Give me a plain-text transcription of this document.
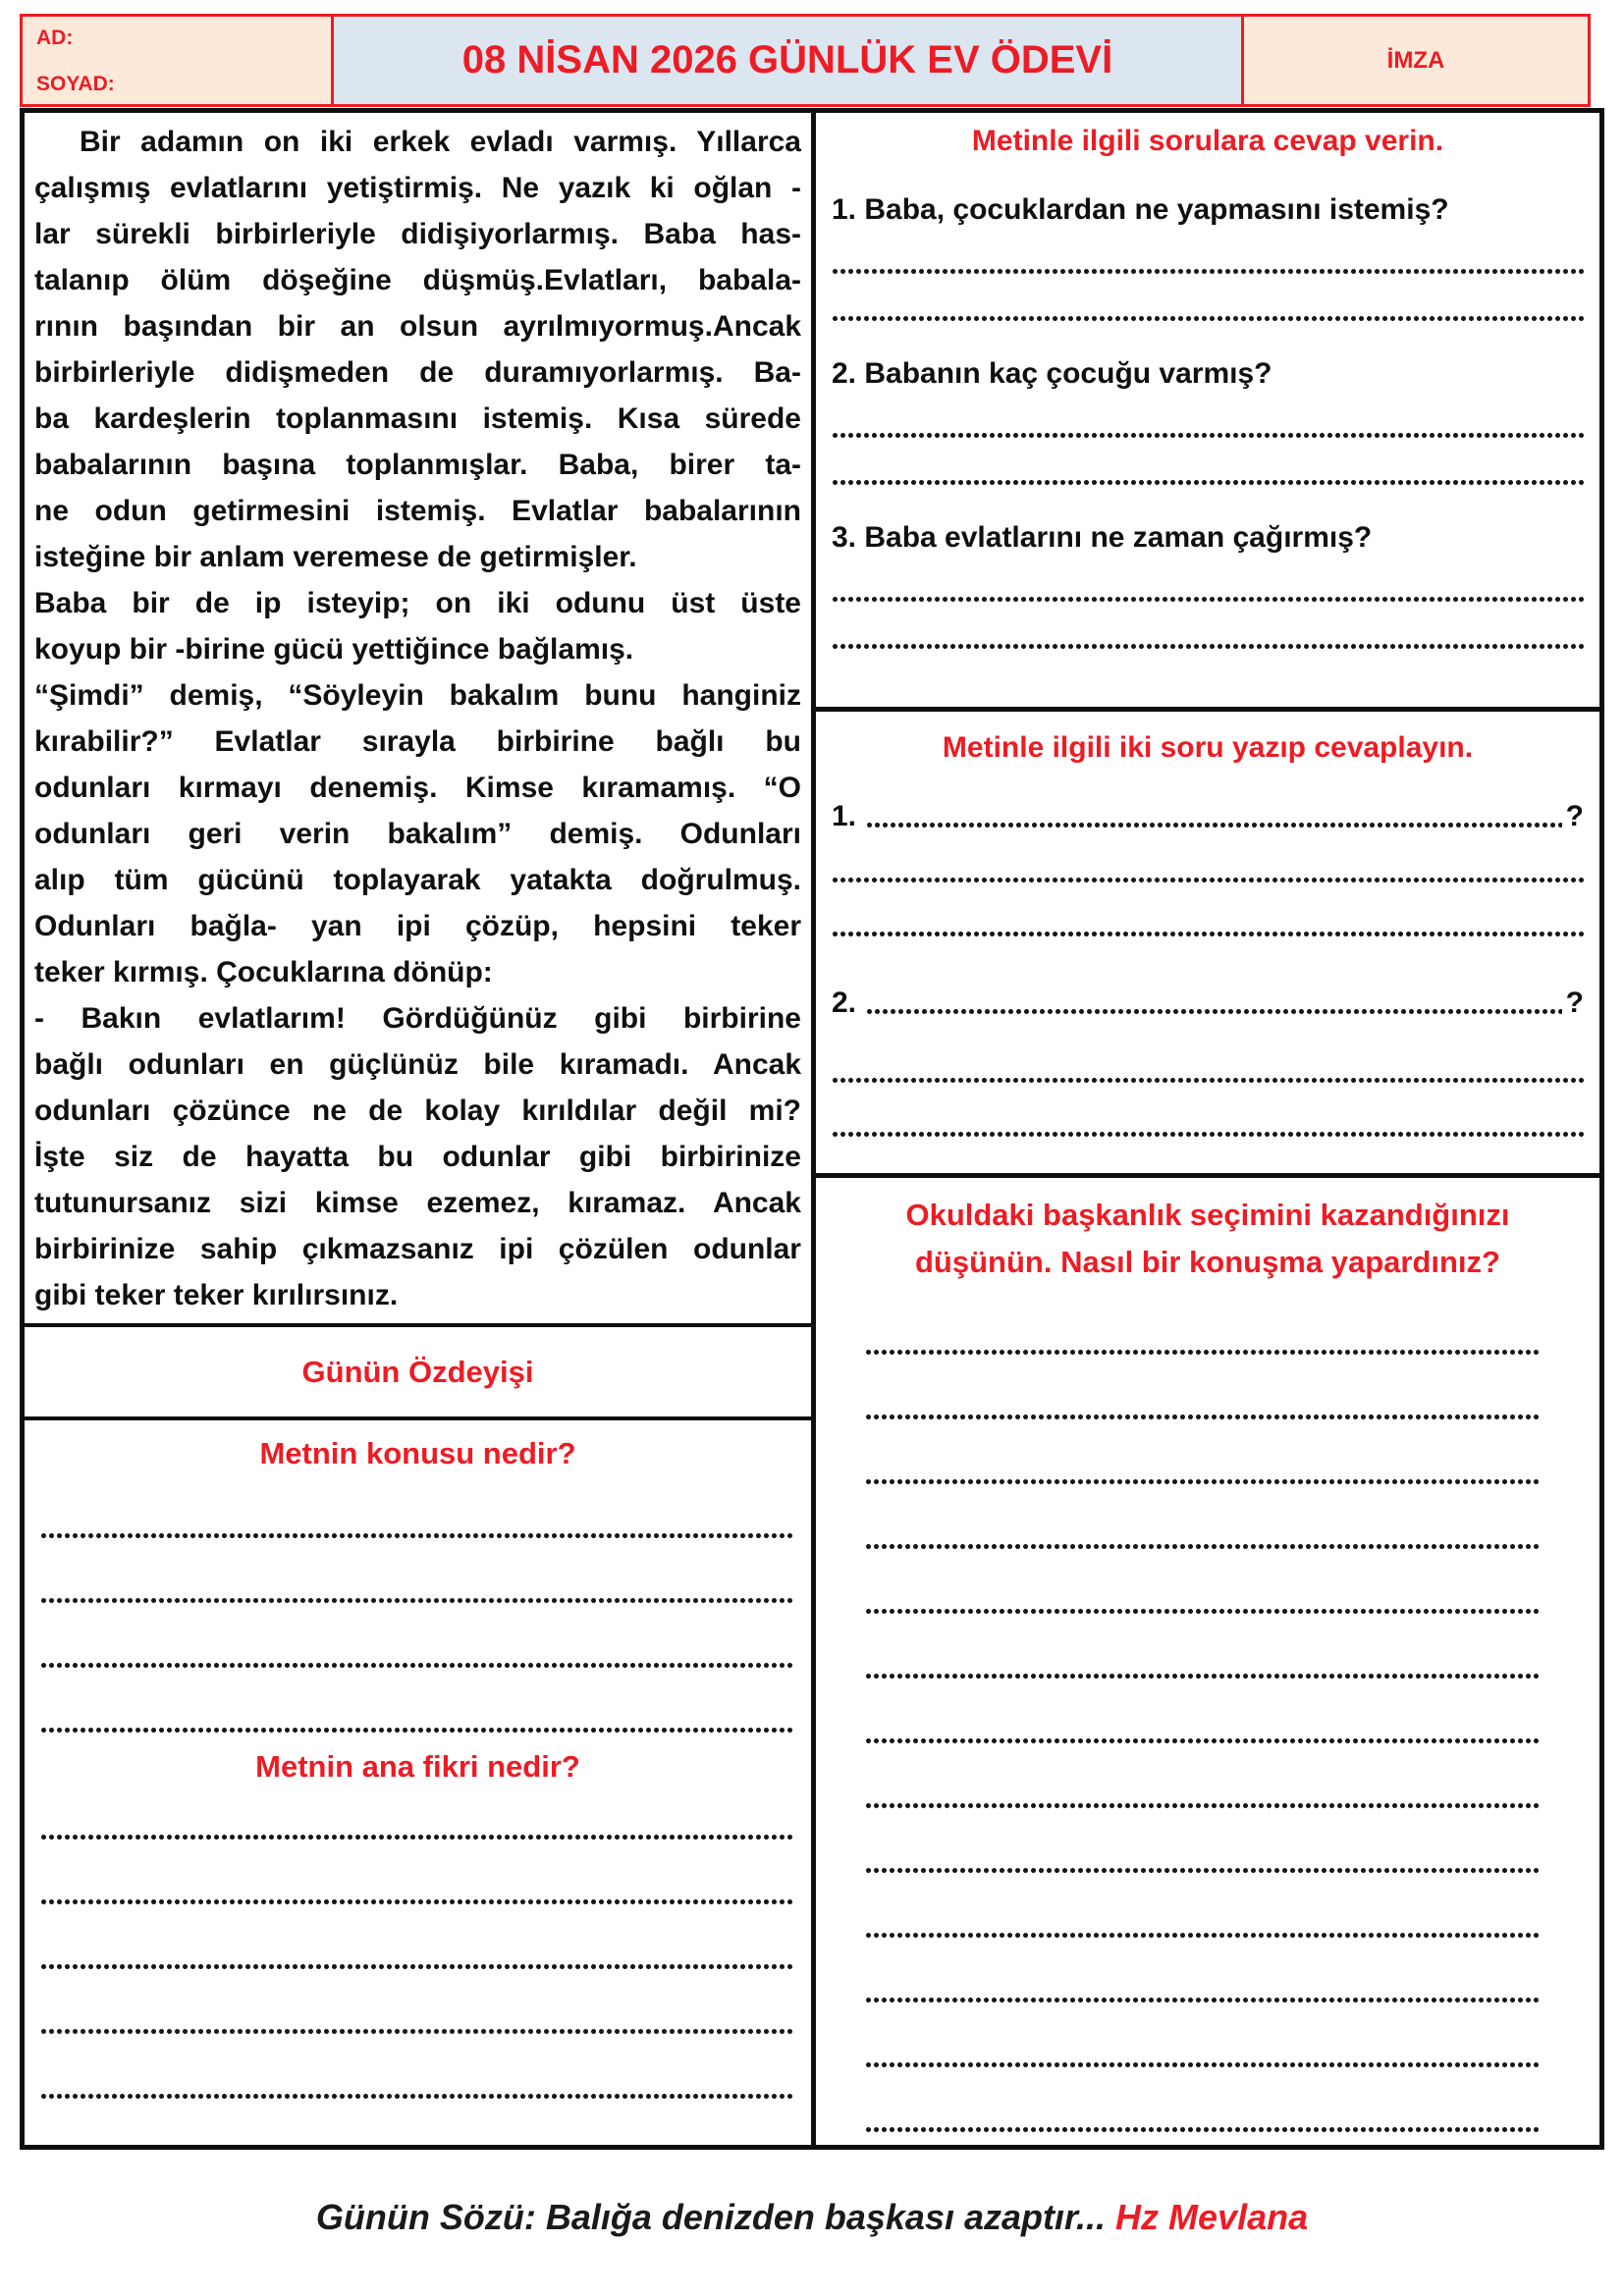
AD:
SOYAD:
08 NİSAN 2026 GÜNLÜK EV ÖDEVİ	İMZA
Bir adamın on iki erkek evladı varmış. Yıllarca
çalışmış evlatlarını yetiştirmiş. Ne yazık ki oğlan -
lar sürekli birbirleriyle didişiyorlarmış. Baba has-
talanıp ölüm döşeğine düşmüş.Evlatları, babala-
rının başından bir an olsun ayrılmıyormuş.Ancak
birbirleriyle didişmeden de duramıyorlarmış. Ba-
ba kardeşlerin toplanmasını istemiş. Kısa sürede
babalarının başına toplanmışlar. Baba, birer ta-
ne odun getirmesini istemiş. Evlatlar babalarının
isteğine bir anlam veremese de getirmişler.
Baba bir de ip isteyip; on iki odunu üst üste
koyup bir -birine gücü yettiğince bağlamış.
“Şimdi” demiş, “Söyleyin bakalım bunu hanginiz
kırabilir?” Evlatlar sırayla birbirine bağlı bu
odunları kırmayı denemiş. Kimse kıramamış. “O
odunları geri verin bakalım” demiş. Odunları
alıp tüm gücünü toplayarak yatakta doğrulmuş.
Odunları bağla- yan ipi çözüp, hepsini teker
teker kırmış. Çocuklarına dönüp:
- Bakın evlatlarım! Gördüğünüz gibi birbirine
bağlı odunları en güçlünüz bile kıramadı. Ancak
odunları çözünce ne de kolay kırıldılar değil mi?
İşte siz de hayatta bu odunlar gibi birbirinize
tutunursanız sizi kimse ezemez, kıramaz. Ancak
birbirinize sahip çıkmazsanız ipi çözülen odunlar
gibi teker teker kırılırsınız.
Günün Özdeyişi
Metnin konusu nedir?
Metnin ana fikri nedir?
Metinle ilgili sorulara cevap verin.
1. Baba, çocuklardan ne yapmasını istemiş?
2. Babanın kaç çocuğu varmış?
3. Baba evlatlarını ne zaman çağırmış?
Metinle ilgili iki soru yazıp cevaplayın.
1.	?
2.	?
Okuldaki başkanlık seçimini kazandığınızı
düşünün. Nasıl bir konuşma yapardınız?
Günün Sözü: Balığa denizden başkası azaptır... Hz Mevlana
